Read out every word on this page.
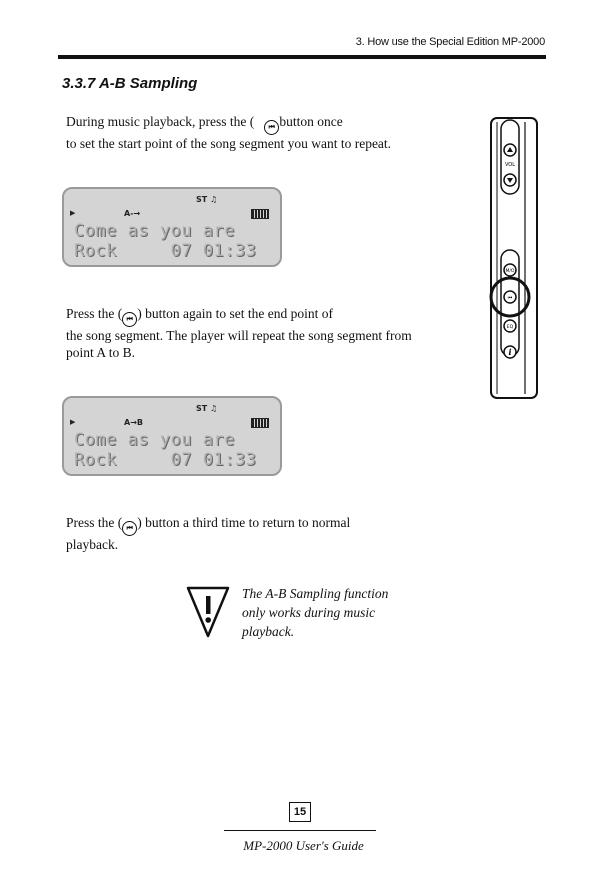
3. How use the Special Edition MP-2000
3.3.7 A-B Sampling
During music playback, press the ( ⏮ button once
to set the start point of the song segment you want to repeat.
▶	A-→
ST ♫
Come as you are
Rock     07 01:33
Press the ( ⏮ ) button again to set the end point of
the song segment. The player will repeat the song segment from
point A to B.
▶	A→B
ST ♫
Come as you are
Rock     07 01:33
Press the ( ⏮ ) button a third time to return to normal
playback.
VOL
M/O
⏮
EQ
i
The A-B Sampling function
only works during music
playback.
15
MP-2000 User's Guide
